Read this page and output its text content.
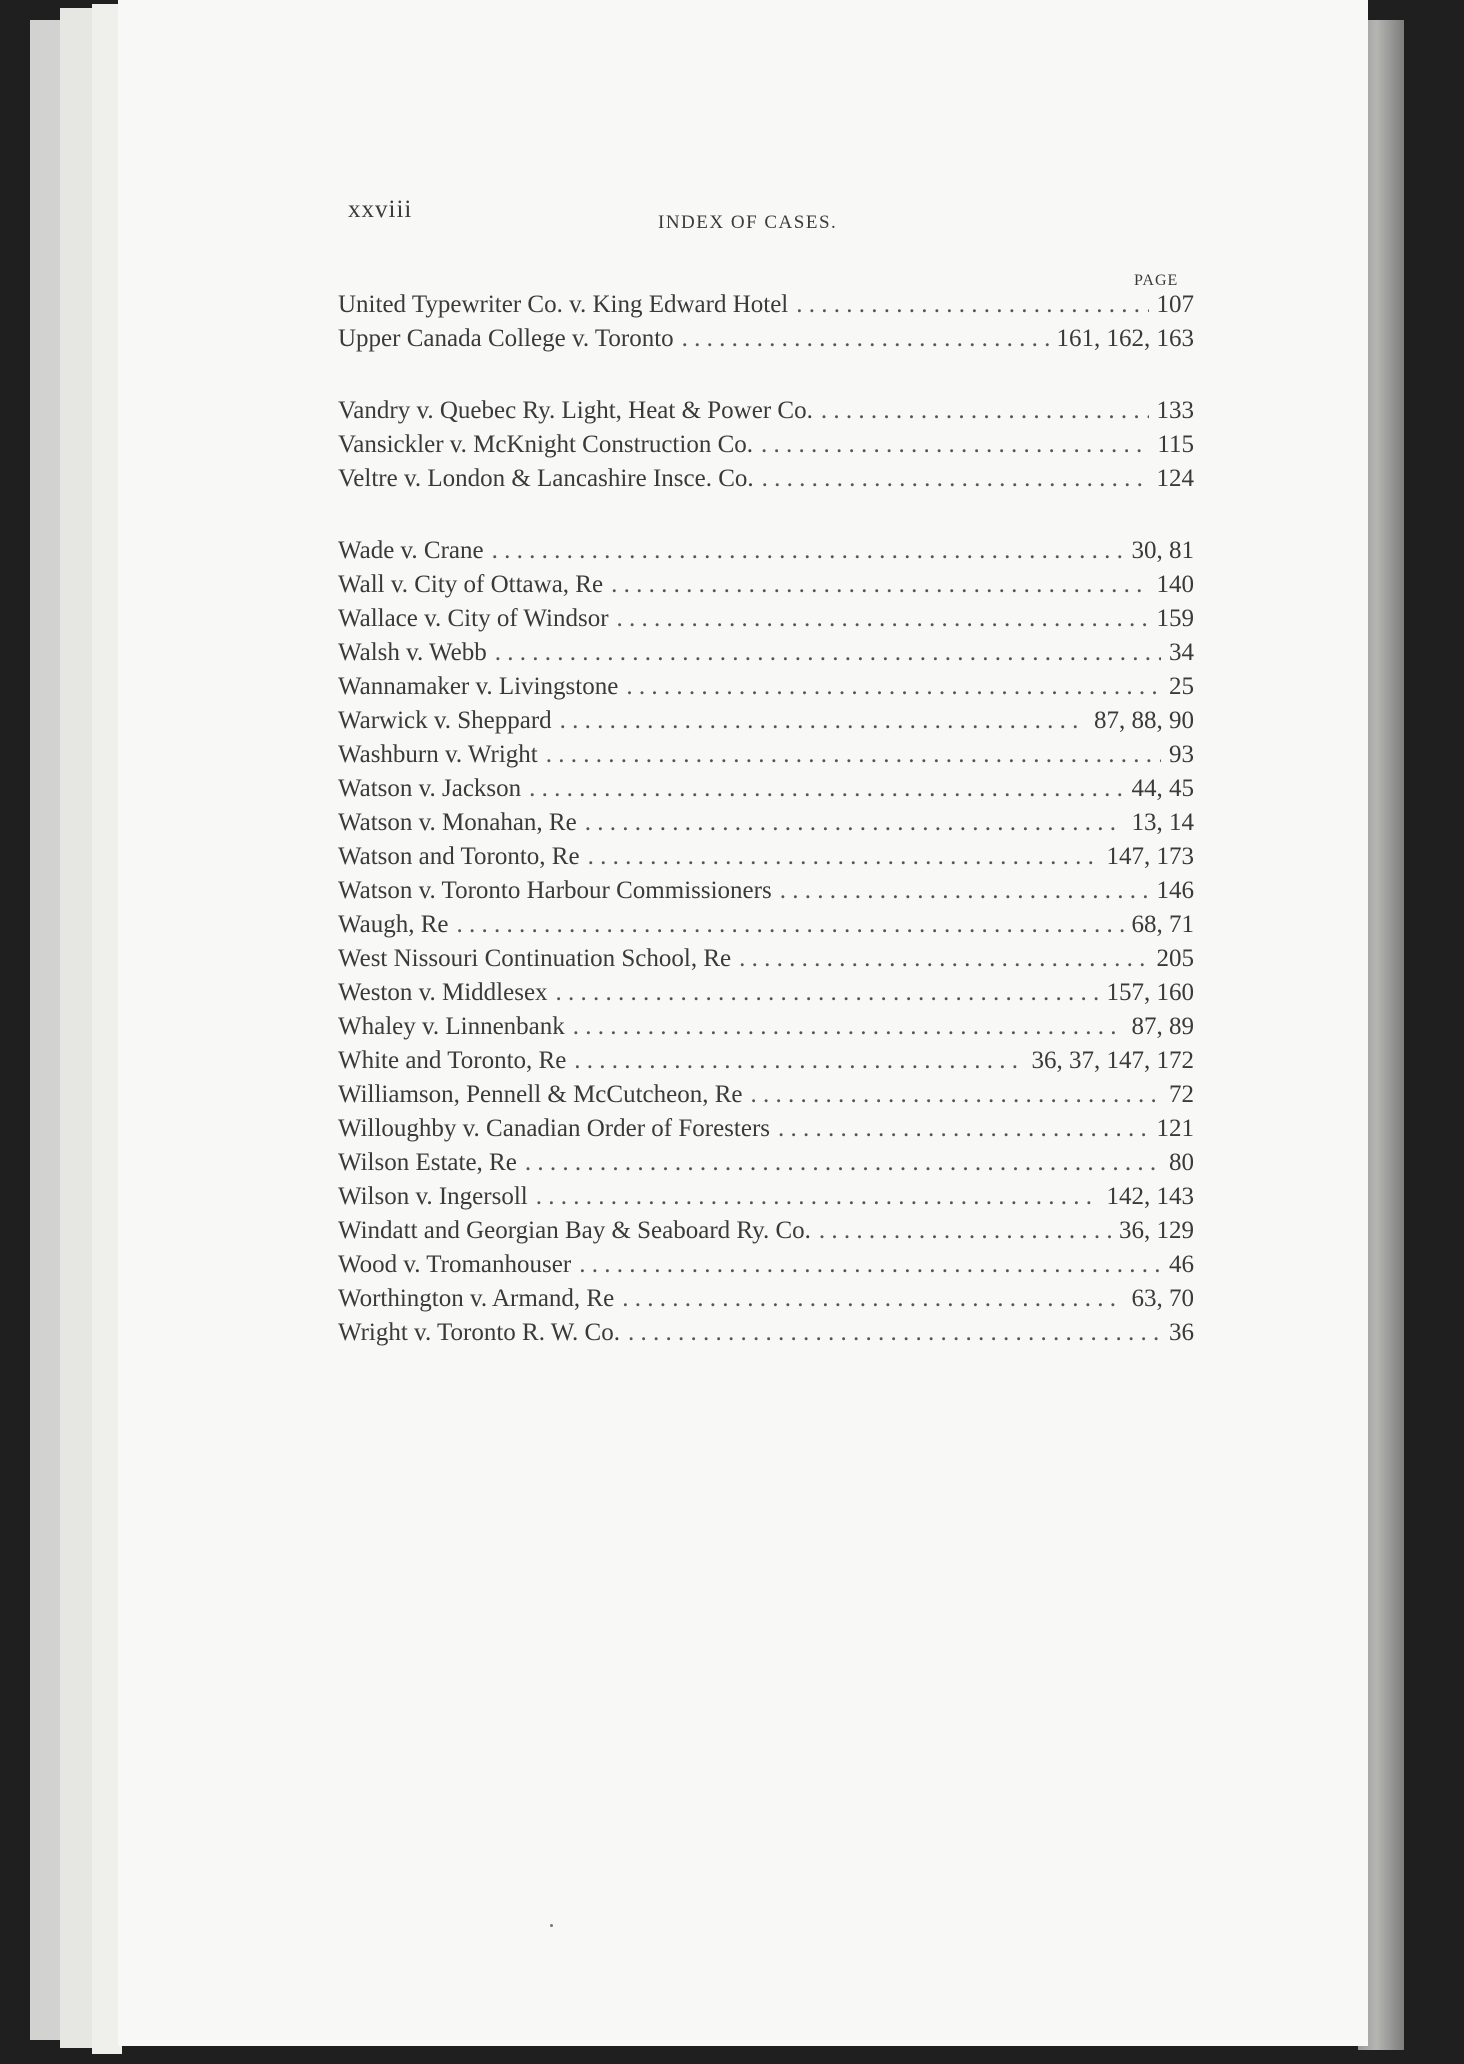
xxviii	INDEX OF CASES.
PAGE
United Typewriter Co. v. King Edward Hotel . . .	107
Upper Canada College v. Toronto . . .	161, 162, 163
Vandry v. Quebec Ry. Light, Heat & Power Co. . . .	133
Vansickler v. McKnight Construction Co. . . .	115
Veltre v. London & Lancashire Insce. Co. . . .	124
Wade v. Crane . . .	30, 81
Wall v. City of Ottawa, Re . . .	140
Wallace v. City of Windsor . . .	159
Walsh v. Webb . . .	34
Wannamaker v. Livingstone . . .	25
Warwick v. Sheppard . . .	87, 88, 90
Washburn v. Wright . . .	93
Watson v. Jackson . . .	44, 45
Watson v. Monahan, Re . . .	13, 14
Watson and Toronto, Re . . .	147, 173
Watson v. Toronto Harbour Commissioners . . .	146
Waugh, Re . . .	68, 71
West Nissouri Continuation School, Re . . .	205
Weston v. Middlesex . . .	157, 160
Whaley v. Linnenbank . . .	87, 89
White and Toronto, Re . . .	36, 37, 147, 172
Williamson, Pennell & McCutcheon, Re . . .	72
Willoughby v. Canadian Order of Foresters . . .	121
Wilson Estate, Re . . .	80
Wilson v. Ingersoll . . .	142, 143
Windatt and Georgian Bay & Seaboard Ry. Co. . . .	36, 129
Wood v. Tromanhouser . . .	46
Worthington v. Armand, Re . . .	63, 70
Wright v. Toronto R. W. Co. . . .	36
